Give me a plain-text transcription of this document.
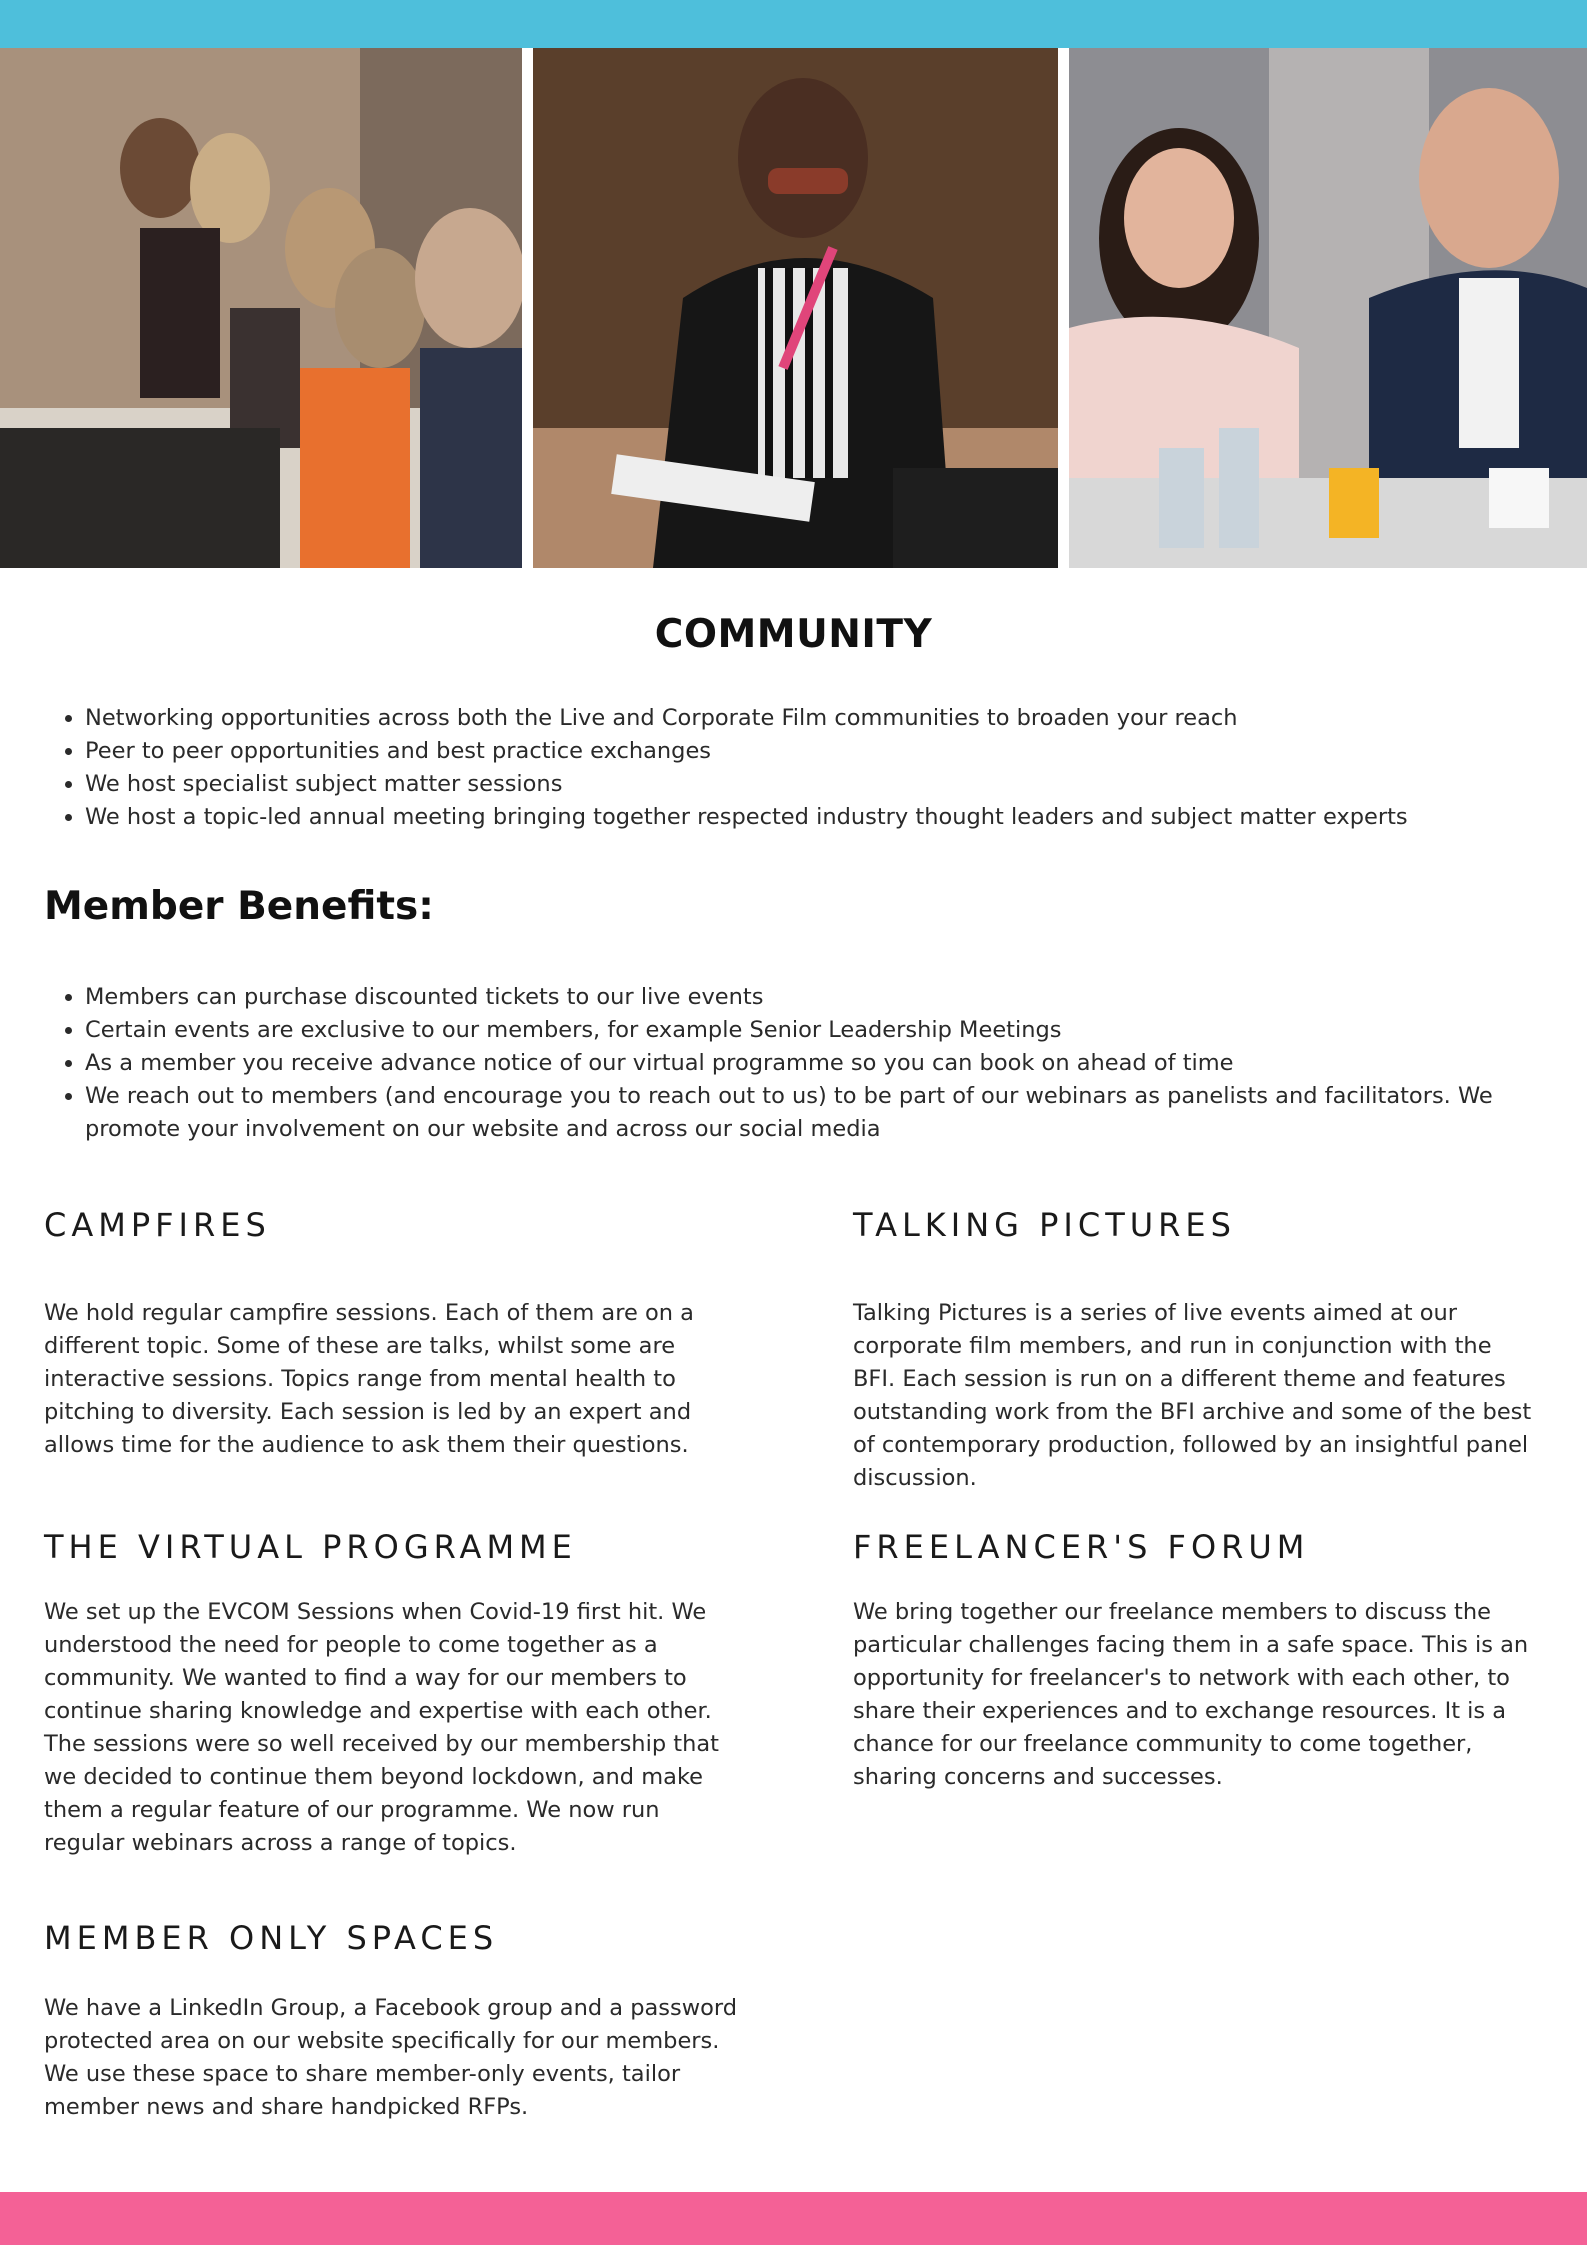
COMMUNITY
• Networking opportunities across both the Live and Corporate Film communities to broaden your reach
• Peer to peer opportunities and best practice exchanges
• We host specialist subject matter sessions
• We host a topic-led annual meeting bringing together respected industry thought leaders and subject matter experts
Member Benefits:
• Members can purchase discounted tickets to our live events
• Certain events are exclusive to our members, for example Senior Leadership Meetings
• As a member you receive advance notice of our virtual programme so you can book on ahead of time
• We reach out to members (and encourage you to reach out to us) to be part of our webinars as panelists and facilitators. We promote your involvement on our website and across our social media
CAMPFIRES

We hold regular campfire sessions. Each of them are on a different topic. Some of these are talks, whilst some are interactive sessions. Topics range from mental health to pitching to diversity. Each session is led by an expert and allows time for the audience to ask them their questions.

TALKING PICTURES

Talking Pictures is a series of live events aimed at our corporate film members, and run in conjunction with the BFI. Each session is run on a different theme and features outstanding work from the BFI archive and some of the best of contemporary production, followed by an insightful panel discussion.

THE VIRTUAL PROGRAMME

We set up the EVCOM Sessions when Covid-19 first hit. We understood the need for people to come together as a community. We wanted to find a way for our members to continue sharing knowledge and expertise with each other. The sessions were so well received by our membership that we decided to continue them beyond lockdown, and make them a regular feature of our programme. We now run regular webinars across a range of topics.

FREELANCER'S FORUM

We bring together our freelance members to discuss the particular challenges facing them in a safe space. This is an opportunity for freelancer's to network with each other, to share their experiences and to exchange resources. It is a chance for our freelance community to come together, sharing concerns and successes.

MEMBER ONLY SPACES

We have a LinkedIn Group, a Facebook group and a password protected area on our website specifically for our members. We use these space to share member-only events, tailor member news and share handpicked RFPs.
